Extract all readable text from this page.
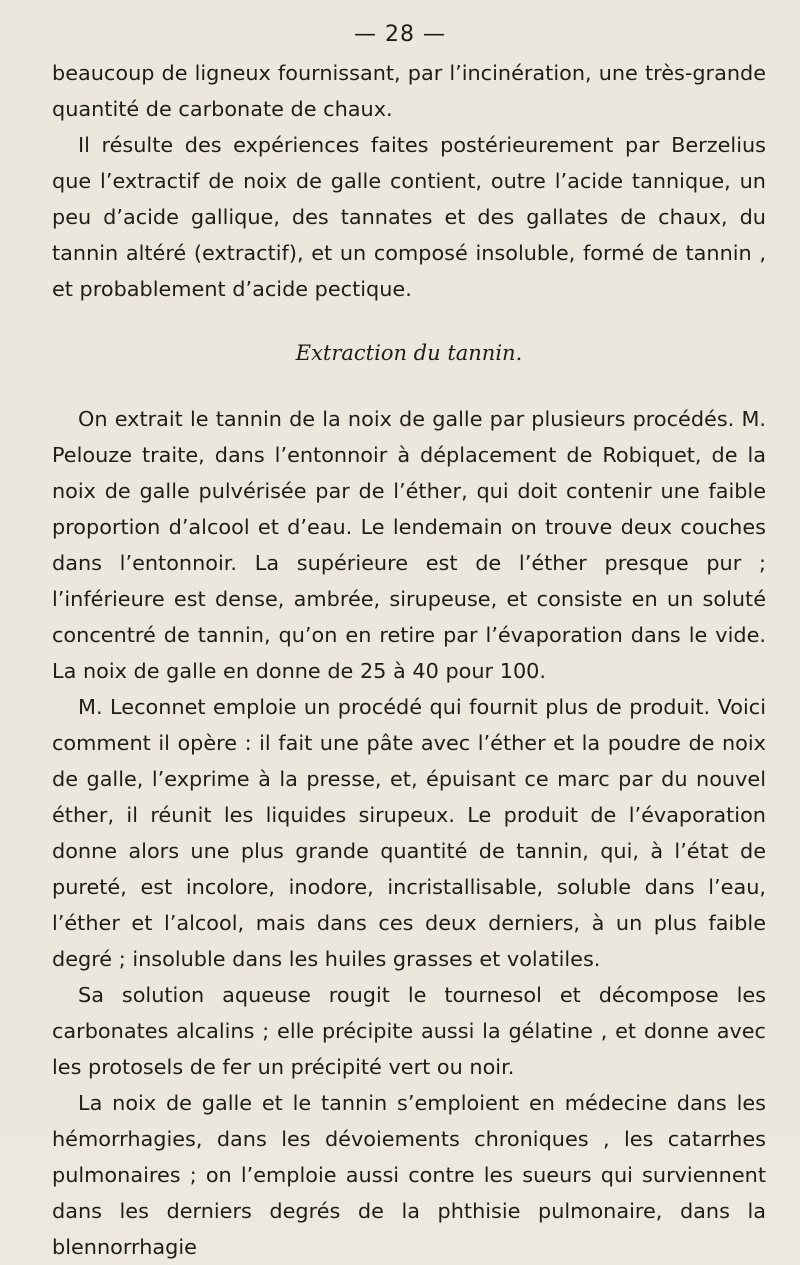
— 28 —

beaucoup de ligneux fournissant, par l’incinération, une très-grande quantité de carbonate de chaux.

Il résulte des expériences faites postérieurement par Berzelius que l’extractif de noix de galle contient, outre l’acide tannique, un peu d’acide gallique, des tannates et des gallates de chaux, du tannin altéré (extractif), et un composé insoluble, formé de tannin , et probablement d’acide pectique.

Extraction du tannin.

On extrait le tannin de la noix de galle par plusieurs procédés. M. Pelouze traite, dans l’entonnoir à déplacement de Robiquet, de la noix de galle pulvérisée par de l’éther, qui doit contenir une faible proportion d’alcool et d’eau. Le lendemain on trouve deux couches dans l’entonnoir. La supérieure est de l’éther presque pur ; l’inférieure est dense, ambrée, sirupeuse, et consiste en un soluté concentré de tannin, qu’on en retire par l’évaporation dans le vide. La noix de galle en donne de 25 à 40 pour 100.

M. Leconnet emploie un procédé qui fournit plus de produit. Voici comment il opère : il fait une pâte avec l’éther et la poudre de noix de galle, l’exprime à la presse, et, épuisant ce marc par du nouvel éther, il réunit les liquides sirupeux. Le produit de l’évaporation donne alors une plus grande quantité de tannin, qui, à l’état de pureté, est incolore, inodore, incristallisable, soluble dans l’eau, l’éther et l’alcool, mais dans ces deux derniers, à un plus faible degré ; insoluble dans les huiles grasses et volatiles.

Sa solution aqueuse rougit le tournesol et décompose les carbonates alcalins ; elle précipite aussi la gélatine , et donne avec les protosels de fer un précipité vert ou noir.

La noix de galle et le tannin s’emploient en médecine dans les hémorrhagies, dans les dévoiements chroniques , les catarrhes pulmonaires ; on l’emploie aussi contre les sueurs qui surviennent dans les derniers degrés de la phthisie pulmonaire, dans la blennorrhagie
